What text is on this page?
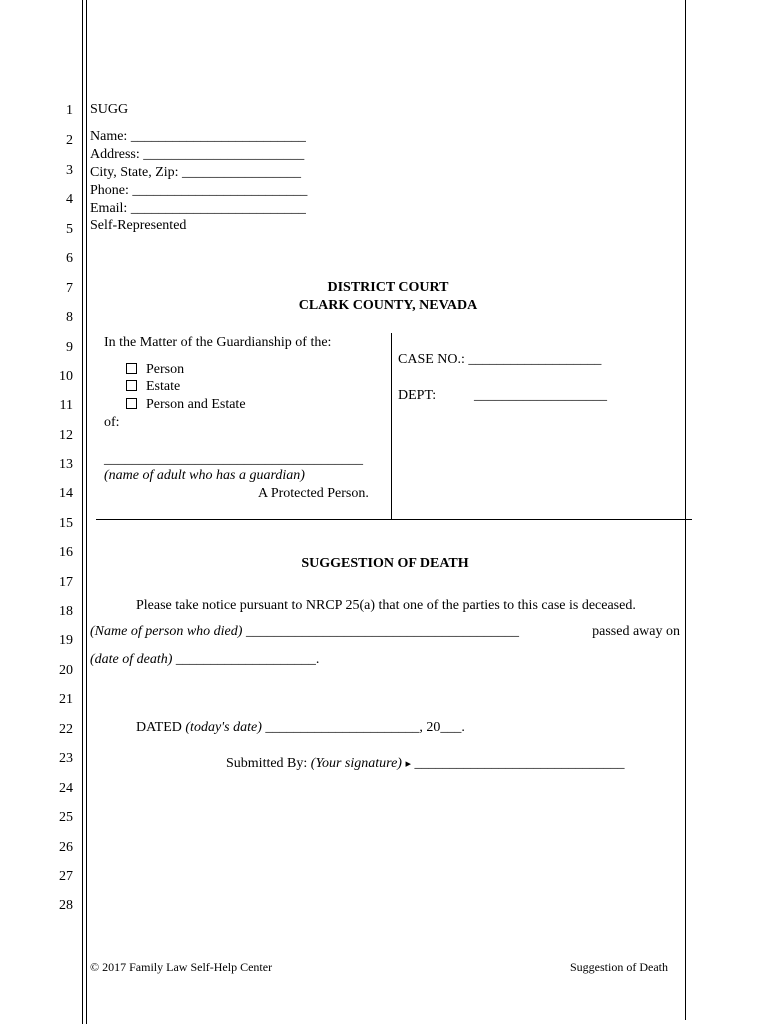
1
2
3
4
5
6
7
8
9
10
11
12
13
14
15
16
17
18
19
20
21
22
23
24
25
26
27
28
SUGG
Name: _________________________
Address: _______________________
City, State, Zip: _________________
Phone: _________________________
Email: _________________________
Self-Represented
DISTRICT COURT
CLARK COUNTY, NEVADA
In the Matter of the Guardianship of the:
Person
Estate
Person and Estate
of:
_____________________________________
(name of adult who has a guardian)
A Protected Person.
CASE NO.: ___________________
DEPT:	___________________
SUGGESTION OF DEATH
Please take notice pursuant to NRCP 25(a) that one of the parties to this case is deceased.
(Name of person who died) _______________________________________	passed away on
(date of death) ____________________.
DATED (today's date) ______________________, 20___.
Submitted By: (Your signature) ▸ ______________________________
© 2017 Family Law Self-Help Center	Suggestion of Death
